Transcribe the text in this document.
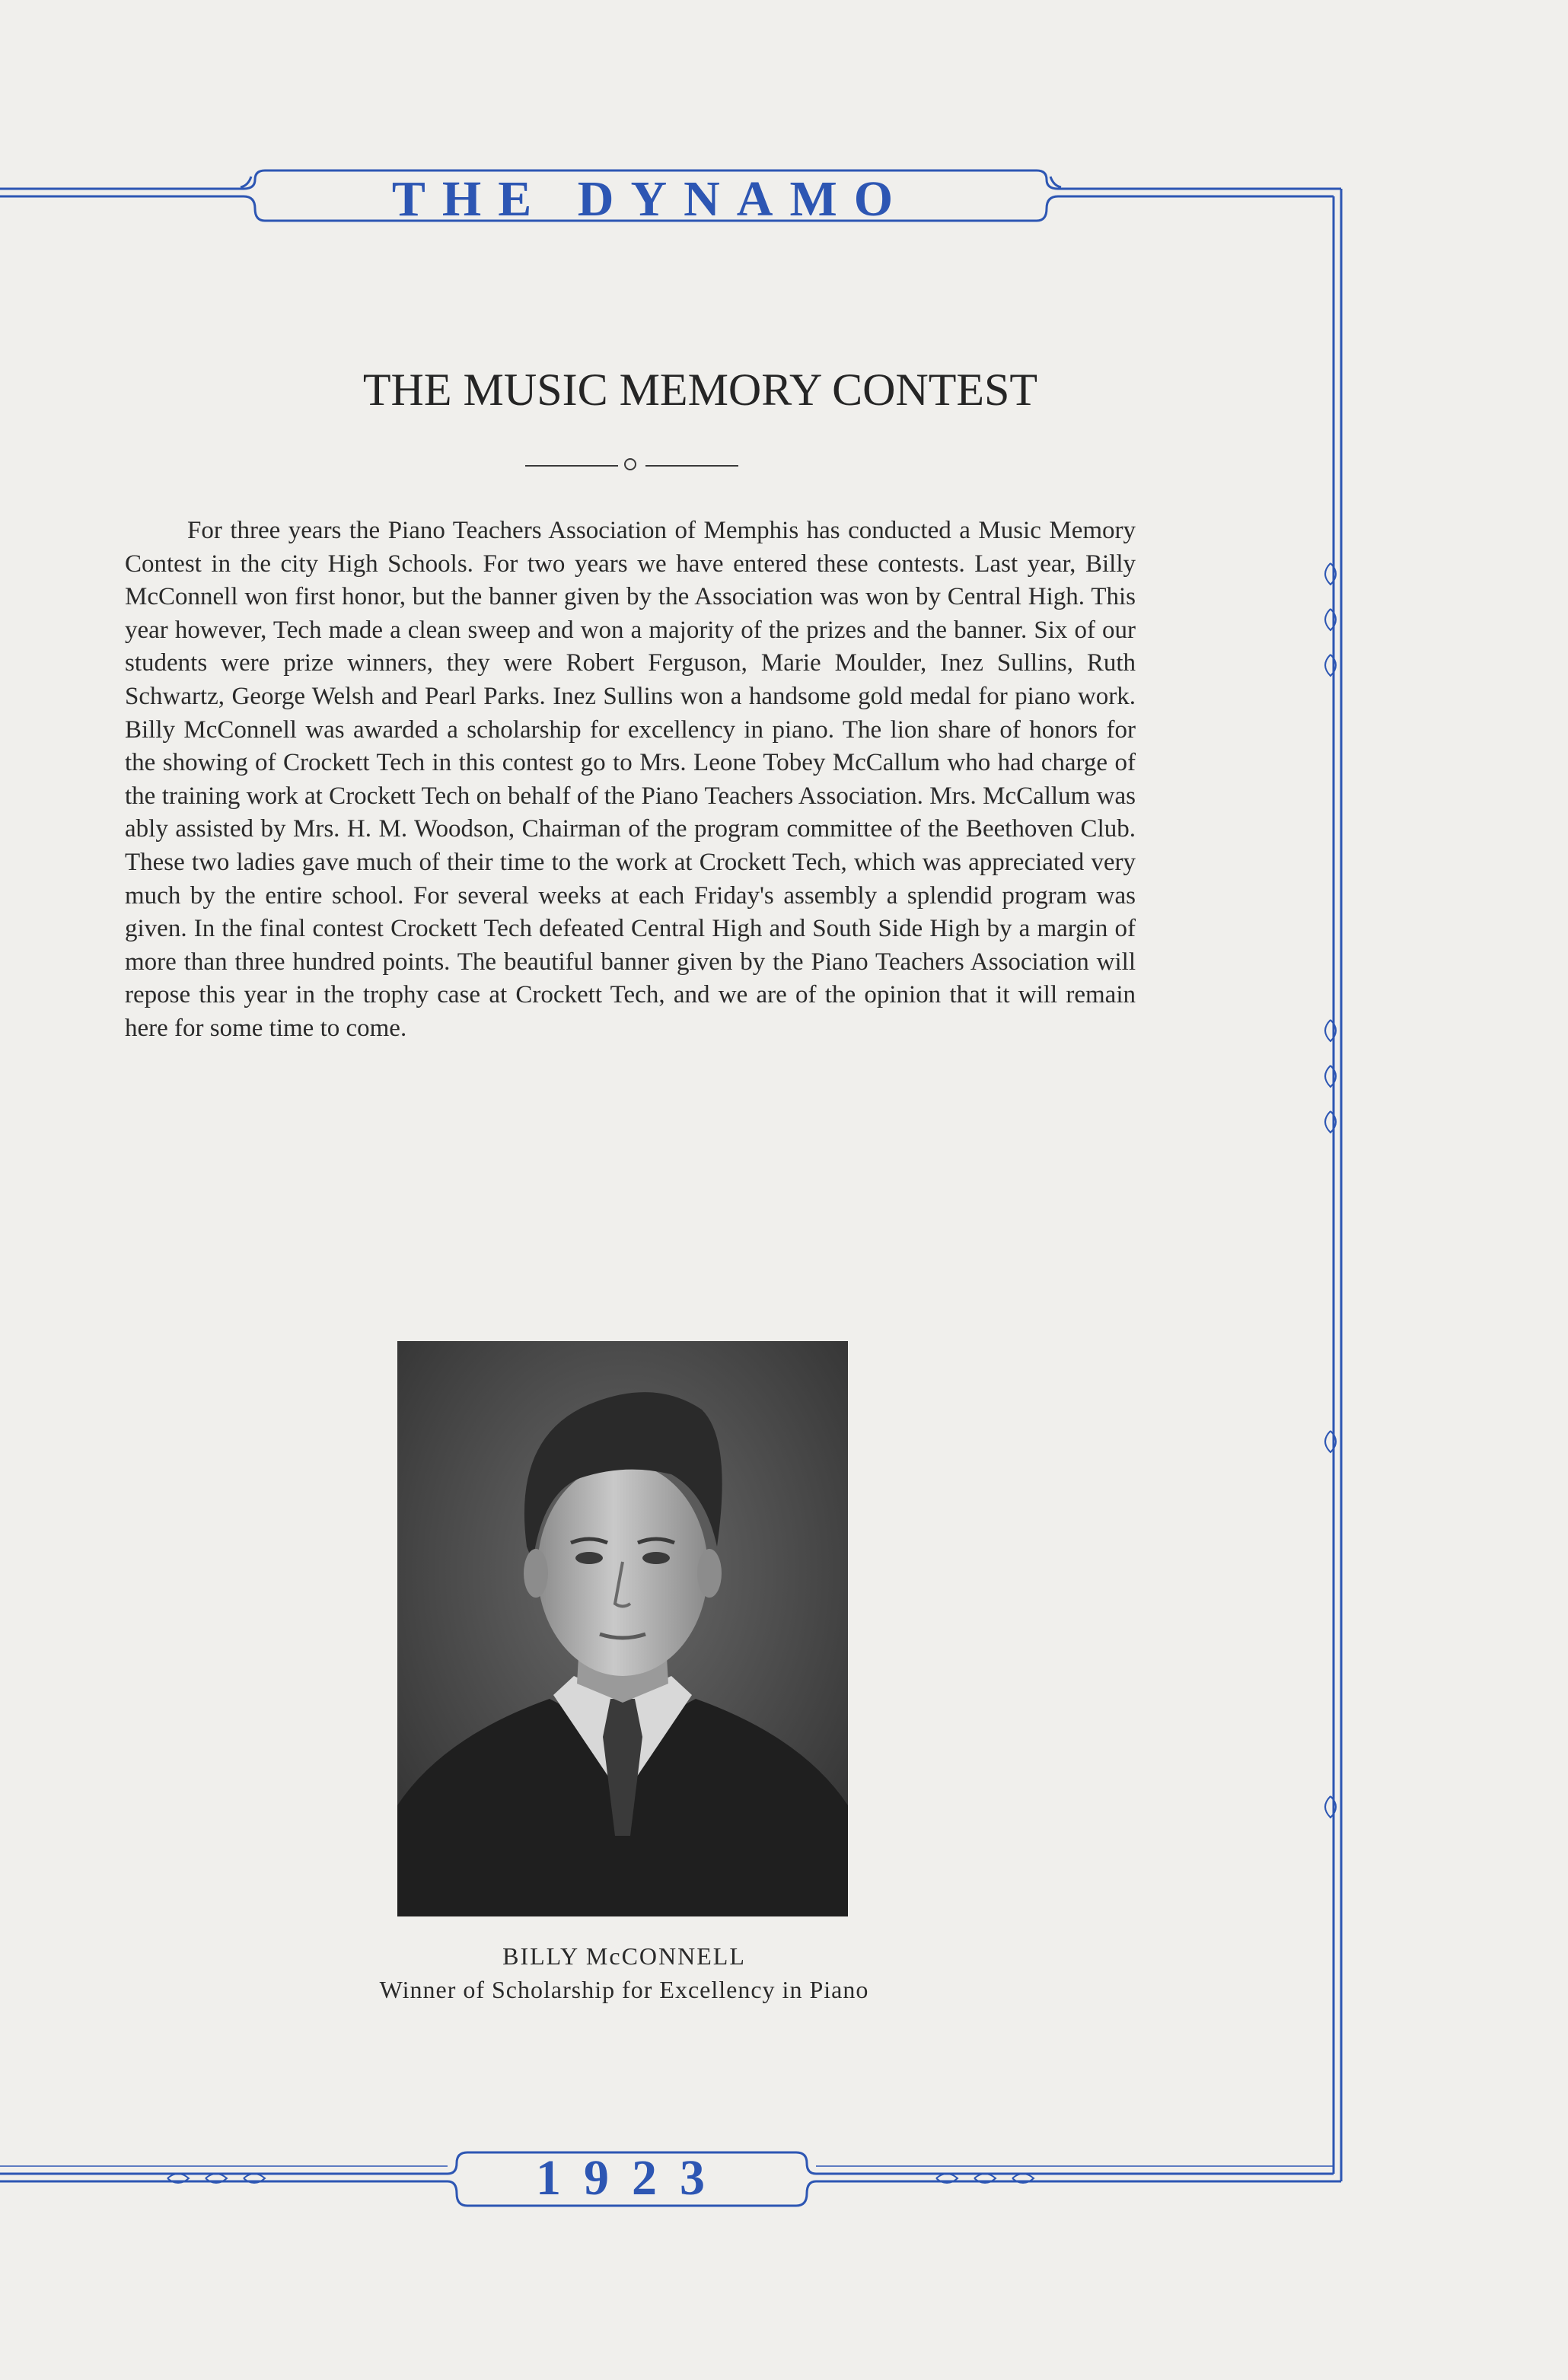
THE DYNAMO
THE MUSIC MEMORY CONTEST

For three years the Piano Teachers Association of Memphis has conducted a Music Memory Contest in the city High Schools. For two years we have entered these contests. Last year, Billy McConnell won first honor, but the banner given by the Association was won by Central High. This year however, Tech made a clean sweep and won a majority of the prizes and the banner. Six of our students were prize winners, they were Robert Ferguson, Marie Moulder, Inez Sullins, Ruth Schwartz, George Welsh and Pearl Parks. Inez Sullins won a handsome gold medal for piano work. Billy McConnell was awarded a scholarship for excellency in piano. The lion share of honors for the showing of Crockett Tech in this contest go to Mrs. Leone Tobey McCallum who had charge of the training work at Crockett Tech on behalf of the Piano Teachers Association. Mrs. McCallum was ably assisted by Mrs. H. M. Woodson, Chairman of the program committee of the Beethoven Club. These two ladies gave much of their time to the work at Crockett Tech, which was appreciated very much by the entire school. For several weeks at each Friday's assembly a splendid program was given. In the final contest Crockett Tech defeated Central High and South Side High by a margin of more than three hundred points. The beautiful banner given by the Piano Teachers Association will repose this year in the trophy case at Crockett Tech, and we are of the opinion that it will remain here for some time to come.

BILLY McCONNELL
Winner of Scholarship for Excellency in Piano
1923
